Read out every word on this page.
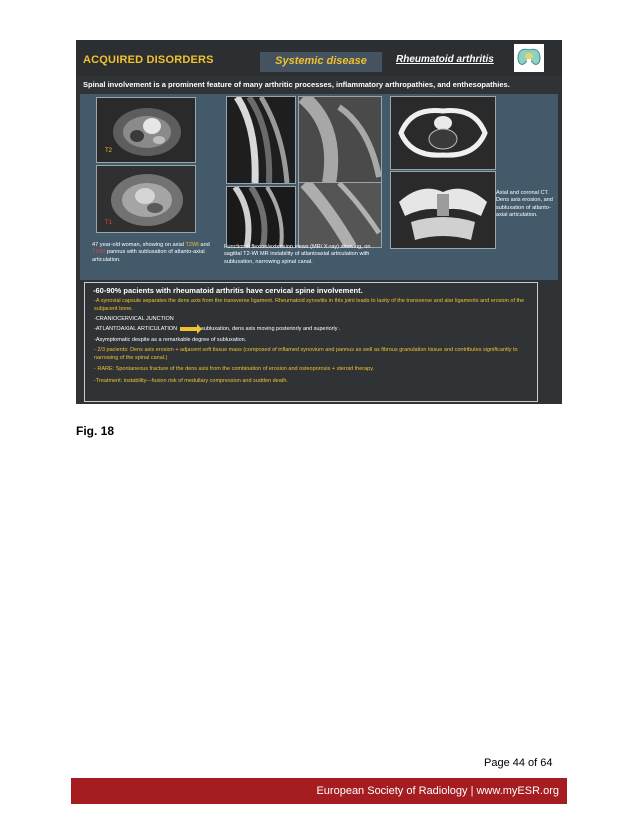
ACQUIRED DISORDERS	Systemic disease	Rheumatoid arthritis
Spinal involvement is a prominent feature of many arthritic processes, inflammatory arthropathies, and enthesopathies.
T2
T1
Axial and coronal CT. Dens axis erosion, and subluxation of atlanto-axial articulation.
47 year-old woman, showing on axial T2WI and T1WI pannus with subluxation of atlanto-axial articulation.
Functional flexion/extension views (MR/ X-ray) showing, on sagittal T2-WI MR instability of atlantoaxial articulation with subluxation, narrowing spinal canal.
-60-90% pacients with rheumatoid arthritis have cervical spine involvement.
-A synovial capsule separates the dens axis from the transverse ligament. Rheumatoid synovitis in this joint leads to laxity of the transverse and alar ligaments and erosion of the subjacent bone.
-CRANIOCERVICAL JUNCTION
-ATLANTOAXIAL ARTICULATION	subluxation, dens axis moving posteriorly and superiorly .
-Asymptomatic despite as a remarkable degree of subluxation.
- 2/3 pacients: Dens axis erosion + adjacent soft tissue mass (composed of inflamed synovium and pannus as well as fibrous granulation tissue and contributes significantly to narrowing of the spinal canal.)
- RARE: Spontaneous fracture of the dens axis from the combination of erosion and osteoporosis + steroid therapy.
-Treatment: instability---fusion risk of medullary compression and sudden death.
Fig. 18
Page 44 of 64
European Society of Radiology | www.myESR.org
